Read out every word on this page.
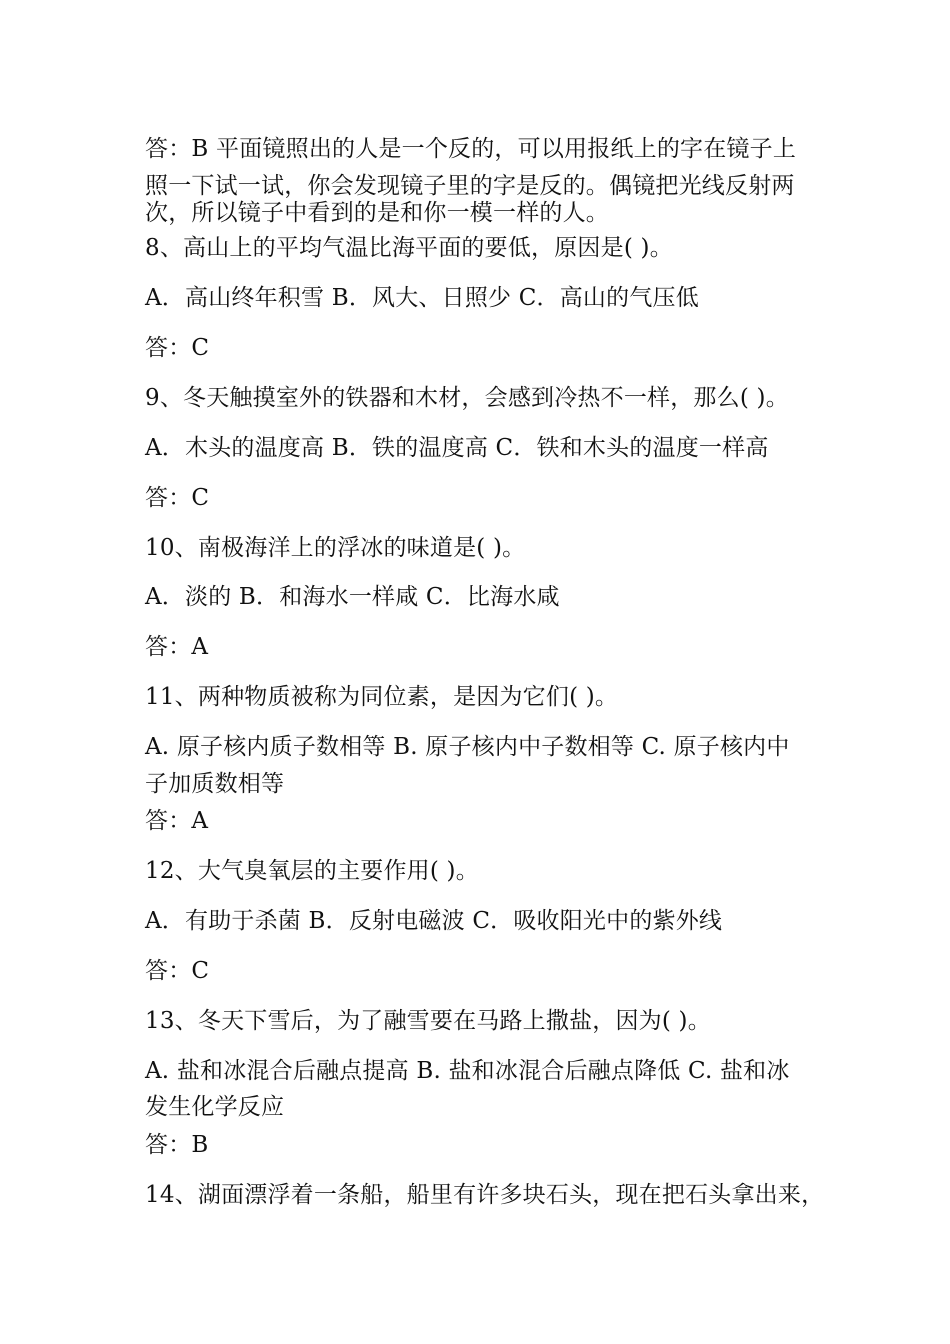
答：B 平面镜照出的人是一个反的，可以用报纸上的字在镜子上
照一下试一试，你会发现镜子里的字是反的。偶镜把光线反射两
次，所以镜子中看到的是和你一模一样的人。
8、高山上的平均气温比海平面的要低，原因是( )。
A．高山终年积雪 B．风大、日照少 C．高山的气压低
答：C
9、冬天触摸室外的铁器和木材，会感到冷热不一样，那么( )。
A．木头的温度高 B．铁的温度高 C．铁和木头的温度一样高
答：C
10、南极海洋上的浮冰的味道是( )。
A．淡的 B．和海水一样咸 C．比海水咸
答：A
11、两种物质被称为同位素，是因为它们( )。
A. 原子核内质子数相等 B. 原子核内中子数相等 C. 原子核内中
子加质数相等
答：A
12、大气臭氧层的主要作用( )。
A．有助于杀菌 B．反射电磁波 C．吸收阳光中的紫外线
答：C
13、冬天下雪后，为了融雪要在马路上撒盐，因为( )。
A. 盐和冰混合后融点提高 B. 盐和冰混合后融点降低 C. 盐和冰
发生化学反应
答：B
14、湖面漂浮着一条船，船里有许多块石头，现在把石头拿出来，
